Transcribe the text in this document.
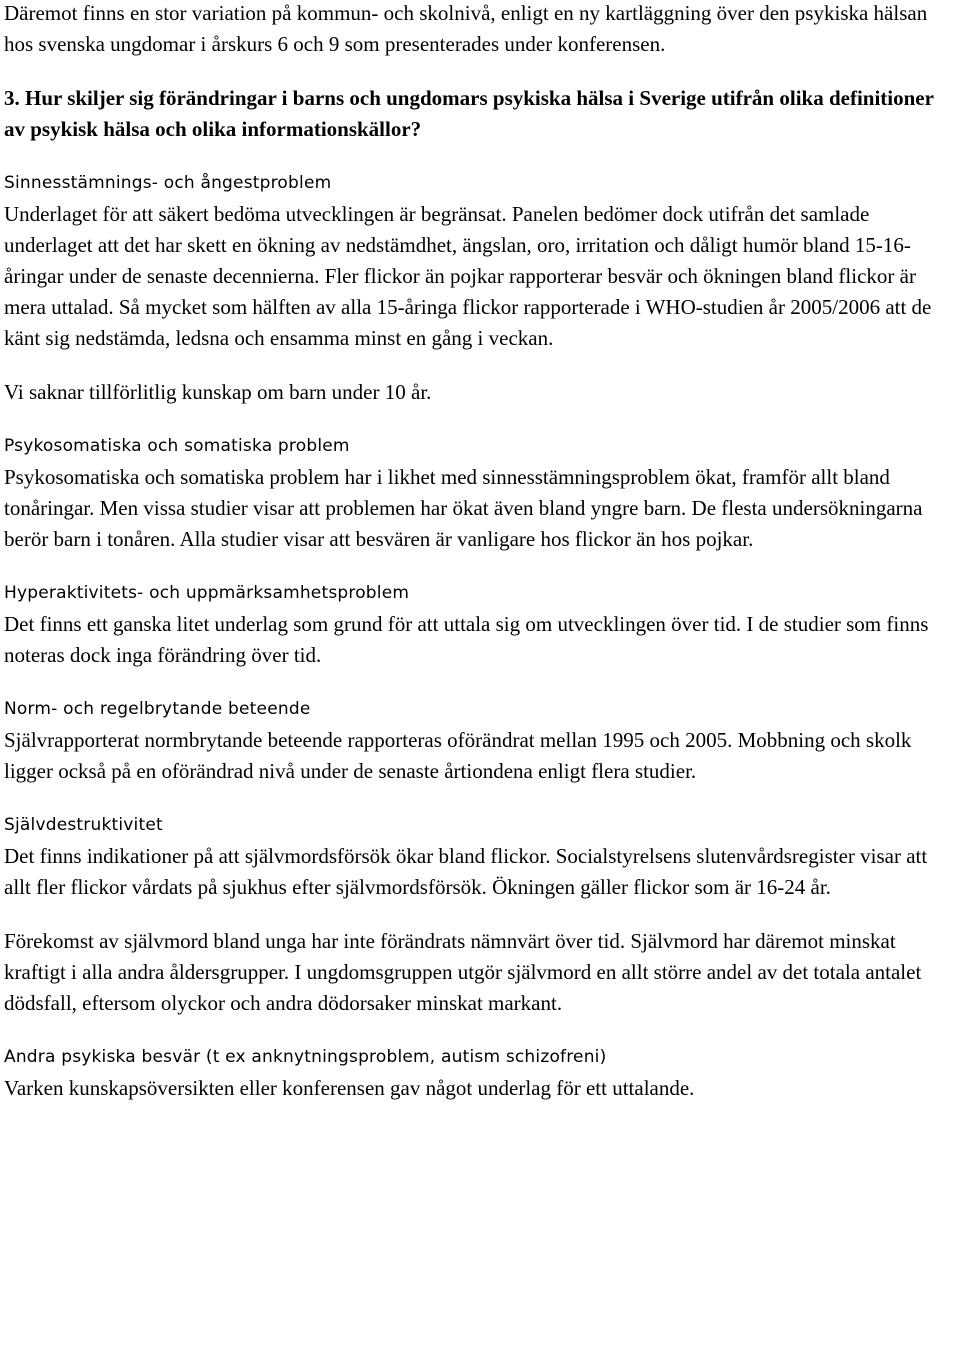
Däremot finns en stor variation på kommun- och skolnivå, enligt en ny kartläggning över den psykiska hälsan hos svenska ungdomar i årskurs 6 och 9 som presenterades under konferensen.

3. Hur skiljer sig förändringar i barns och ungdomars psykiska hälsa i Sverige utifrån olika definitioner av psykisk hälsa och olika informationskällor?

Sinnesstämnings- och ångestproblem

Underlaget för att säkert bedöma utvecklingen är begränsat. Panelen bedömer dock utifrån det samlade underlaget att det har skett en ökning av nedstämdhet, ängslan, oro, irritation och dåligt humör bland 15-16-åringar under de senaste decennierna. Fler flickor än pojkar rapporterar besvär och ökningen bland flickor är mera uttalad. Så mycket som hälften av alla 15-åringa flickor rapporterade i WHO-studien år 2005/2006 att de känt sig nedstämda, ledsna och ensamma minst en gång i veckan.

Vi saknar tillförlitlig kunskap om barn under 10 år.

Psykosomatiska och somatiska problem

Psykosomatiska och somatiska problem har i likhet med sinnesstämningsproblem ökat, framför allt bland tonåringar. Men vissa studier visar att problemen har ökat även bland yngre barn. De flesta undersökningarna berör barn i tonåren. Alla studier visar att besvären är vanligare hos flickor än hos pojkar.

Hyperaktivitets- och uppmärksamhetsproblem

Det finns ett ganska litet underlag som grund för att uttala sig om utvecklingen över tid. I de studier som finns noteras dock inga förändring över tid.

Norm- och regelbrytande beteende

Självrapporterat normbrytande beteende rapporteras oförändrat mellan 1995 och 2005. Mobbning och skolk ligger också på en oförändrad nivå under de senaste årtiondena enligt flera studier.

Självdestruktivitet

Det finns indikationer på att självmordsförsök ökar bland flickor. Socialstyrelsens slutenvårdsregister visar att allt fler flickor vårdats på sjukhus efter självmordsförsök. Ökningen gäller flickor som är 16-24 år.

Förekomst av självmord bland unga har inte förändrats nämnvärt över tid. Självmord har däremot minskat kraftigt i alla andra åldersgrupper. I ungdomsgruppen utgör självmord en allt större andel av det totala antalet dödsfall, eftersom olyckor och andra dödorsaker minskat markant.

Andra psykiska besvär (t ex anknytningsproblem, autism schizofreni)

Varken kunskapsöversikten eller konferensen gav något underlag för ett uttalande.
